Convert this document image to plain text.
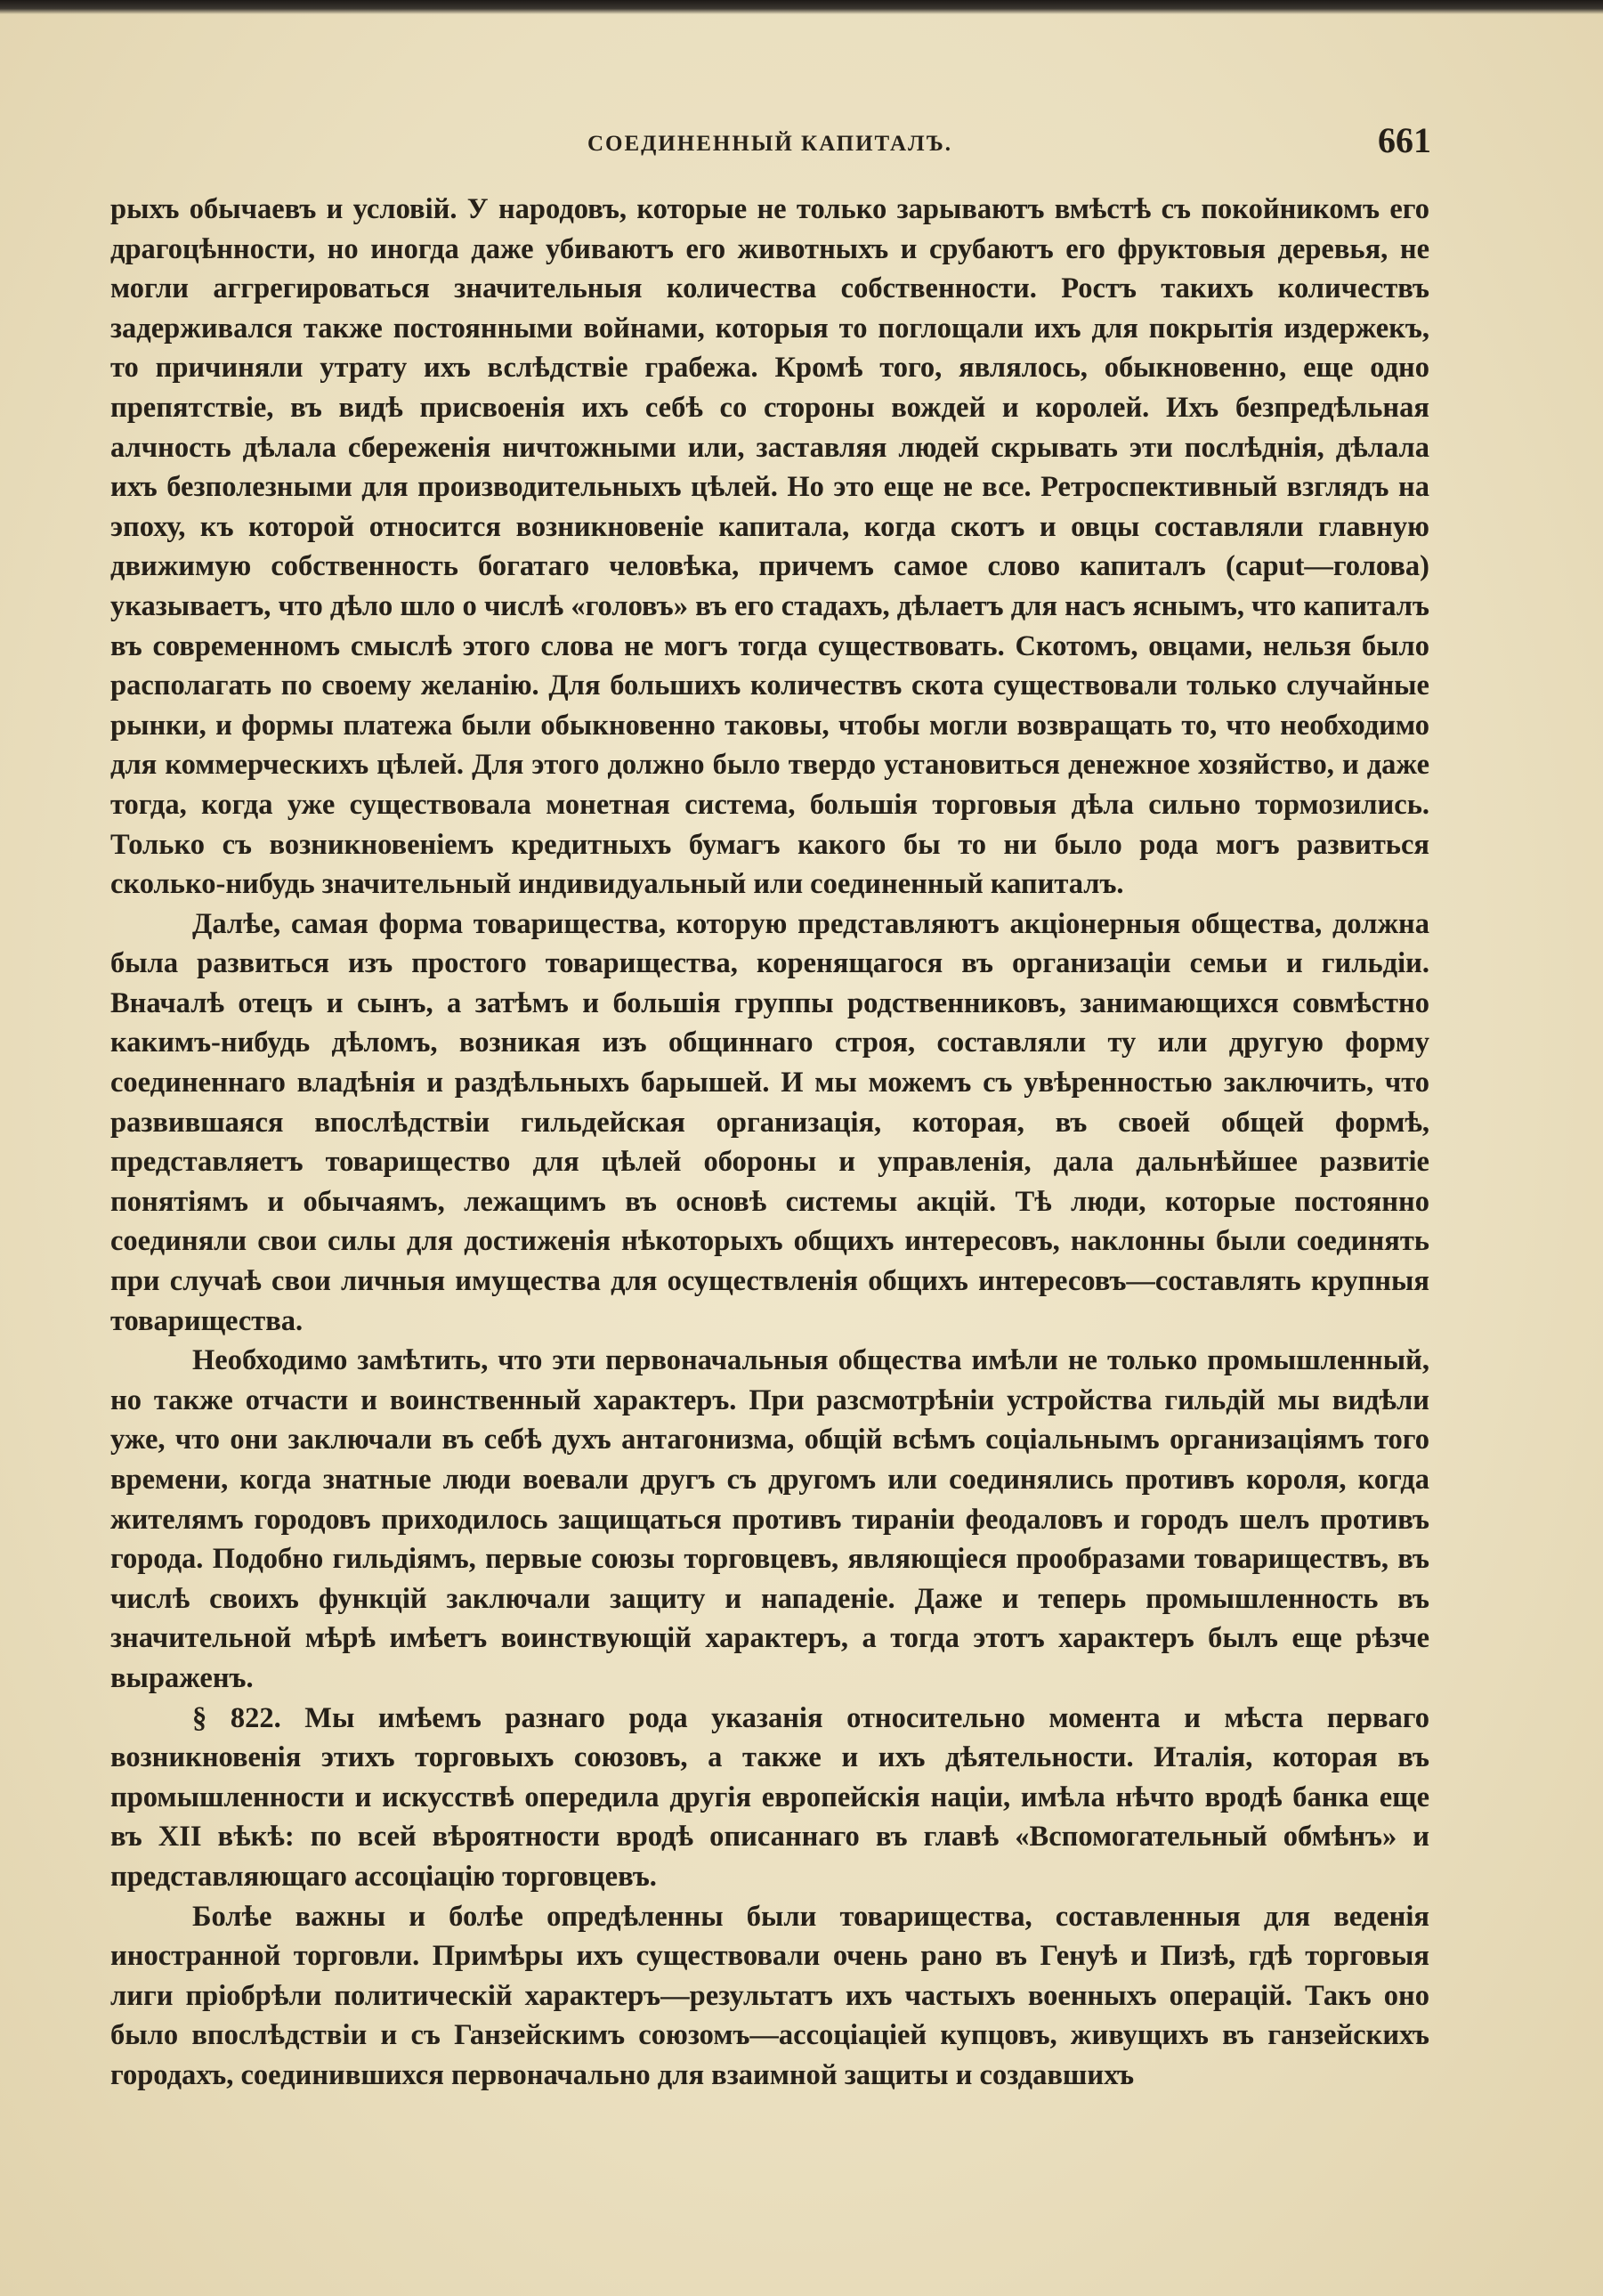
СОЕДИНЕННЫЙ КАПИТАЛЪ.	661

рыхъ обычаевъ и условій. У народовъ, которые не только зарываютъ вмѣстѣ съ покойникомъ его драгоцѣнности, но иногда даже убиваютъ его животныхъ и срубаютъ его фруктовыя деревья, не могли аггрегироваться значительныя количества собственности. Ростъ такихъ количествъ задерживался также постоянными войнами, которыя то поглощали ихъ для покрытія издержекъ, то причиняли утрату ихъ вслѣдствіе грабежа. Кромѣ того, являлось, обыкновенно, еще одно препятствіе, въ видѣ присвоенія ихъ себѣ со стороны вождей и королей. Ихъ безпредѣльная алчность дѣлала сбереженія ничтожными или, заставляя людей скрывать эти послѣднія, дѣлала ихъ безполезными для производительныхъ цѣлей. Но это еще не все. Ретроспективный взглядъ на эпоху, къ которой относится возникновеніе капитала, когда скотъ и овцы составляли главную движимую собственность богатаго человѣка, причемъ самое слово капиталъ (caput—голова) указываетъ, что дѣло шло о числѣ «головъ» въ его стадахъ, дѣлаетъ для насъ яснымъ, что капиталъ въ современномъ смыслѣ этого слова не могъ тогда существовать. Скотомъ, овцами, нельзя было располагать по своему желанію. Для большихъ количествъ скота существовали только случайные рынки, и формы платежа были обыкновенно таковы, чтобы могли возвращать то, что необходимо для коммерческихъ цѣлей. Для этого должно было твердо установиться денежное хозяйство, и даже тогда, когда уже существовала монетная система, большія торговыя дѣла сильно тормозились. Только съ возникновеніемъ кредитныхъ бумагъ какого бы то ни было рода могъ развиться сколько-нибудь значительный индивидуальный или соединенный капиталъ.

Далѣе, самая форма товарищества, которую представляютъ акціонерныя общества, должна была развиться изъ простого товарищества, коренящагося въ организаціи семьи и гильдіи. Вначалѣ отецъ и сынъ, а затѣмъ и большія группы родственниковъ, занимающихся совмѣстно какимъ-нибудь дѣломъ, возникая изъ общиннаго строя, составляли ту или другую форму соединеннаго владѣнія и раздѣльныхъ барышей. И мы можемъ съ увѣренностью заключить, что развившаяся впослѣдствіи гильдейская организація, которая, въ своей общей формѣ, представляетъ товарищество для цѣлей обороны и управленія, дала дальнѣйшее развитіе понятіямъ и обычаямъ, лежащимъ въ основѣ системы акцій. Тѣ люди, которые постоянно соединяли свои силы для достиженія нѣкоторыхъ общихъ интересовъ, наклонны были соединять при случаѣ свои личныя имущества для осуществленія общихъ интересовъ—составлять крупныя товарищества.

Необходимо замѣтить, что эти первоначальныя общества имѣли не только промышленный, но также отчасти и воинственный характеръ. При разсмотрѣніи устройства гильдій мы видѣли уже, что они заключали въ себѣ духъ антагонизма, общій всѣмъ соціальнымъ организаціямъ того времени, когда знатные люди воевали другъ съ другомъ или соединялись противъ короля, когда жителямъ городовъ приходилось защищаться противъ тираніи феодаловъ и городъ шелъ противъ города. Подобно гильдіямъ, первые союзы торговцевъ, являющіеся прообразами товариществъ, въ числѣ своихъ функцій заключали защиту и нападеніе. Даже и теперь промышленность въ значительной мѣрѣ имѣетъ воинствующій характеръ, а тогда этотъ характеръ былъ еще рѣзче выраженъ.

§ 822. Мы имѣемъ разнаго рода указанія относительно момента и мѣста перваго возникновенія этихъ торговыхъ союзовъ, а также и ихъ дѣятельности. Италія, которая въ промышленности и искусствѣ опередила другія европейскія націи, имѣла нѣчто вродѣ банка еще въ XII вѣкѣ: по всей вѣроятности вродѣ описаннаго въ главѣ «Вспомогательный обмѣнъ» и представляющаго ассоціацію торговцевъ.

Болѣе важны и болѣе опредѣленны были товарищества, составленныя для веденія иностранной торговли. Примѣры ихъ существовали очень рано въ Генуѣ и Пизѣ, гдѣ торговыя лиги пріобрѣли политическій характеръ—результатъ ихъ частыхъ военныхъ операцій. Такъ оно было впослѣдствіи и съ Ганзейскимъ союзомъ—ассоціаціей купцовъ, живущихъ въ ганзейскихъ городахъ, соединившихся первоначально для взаимной защиты и создавшихъ
